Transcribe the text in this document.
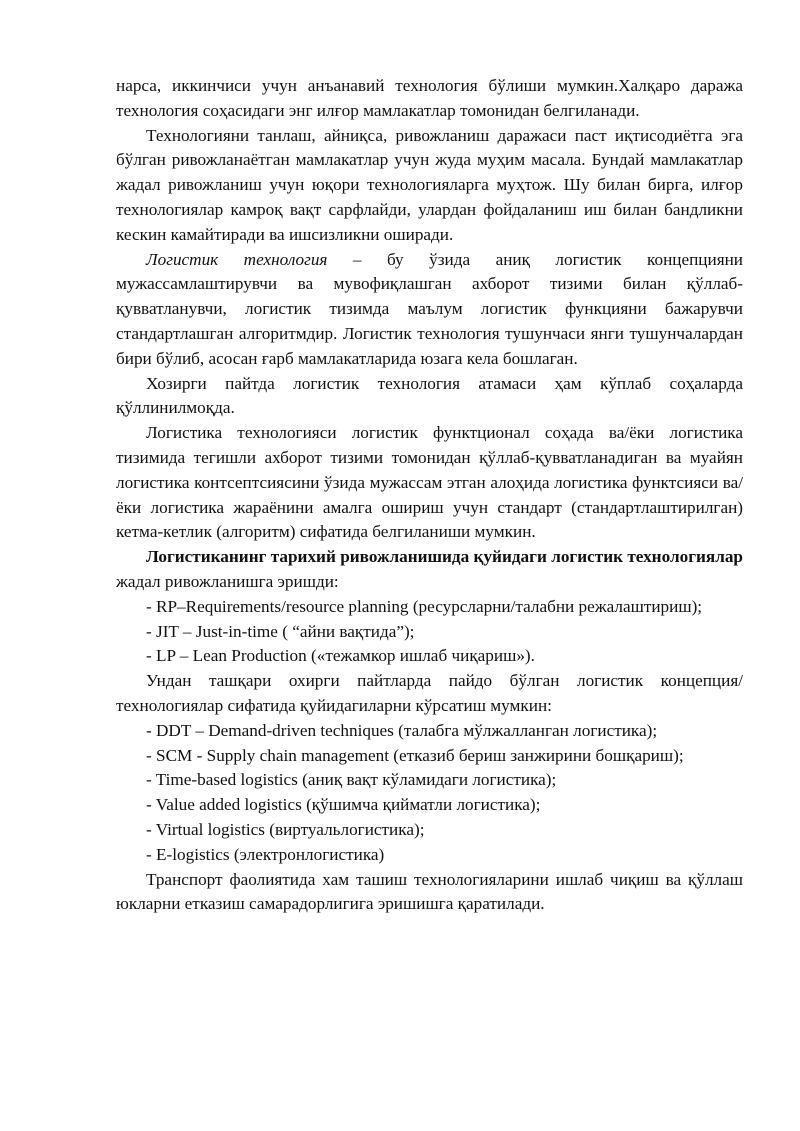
нарса, иккинчиси учун анъанавий технология бўлиши мумкин.Халқаро даража технология соҳасидаги энг илғор мамлакатлар томонидан белгиланади.

Технологияни танлаш, айниқса, ривожланиш даражаси паст иқтисодиётга эга бўлган ривожланаётган мамлакатлар учун жуда муҳим масала. Бундай мамлакатлар жадал ривожланиш учун юқори технологияларга муҳтож. Шу билан бирга, илғор технологиялар камроқ вақт сарфлайди, улардан фойдаланиш иш билан бандликни кескин камайтиради ва ишсизликни оширади.

Логистик технология – бу ўзида аниқ логистик концепцияни мужассамлаштирувчи ва мувофиқлашган ахборот тизими билан қўллаб-қувватланувчи, логистик тизимда маълум логистик функцияни бажарувчи стандартлашган алгоритмдир. Логистик технология тушунчаси янги тушунчалардан бири бўлиб, асосан ғарб мамлакатларида юзага кела бошлаган.

Хозирги пайтда логистик технология атамаси ҳам кўплаб соҳаларда қўллинилмоқда.

Логистика технологияси логистик функтционал соҳада ва/ёки логистика тизимида тегишли ахборот тизими томонидан қўллаб-қувватланадиган ва муайян логистика контсептсиясини ўзида мужассам этган алоҳида логистика функтсияси ва/ёки логистика жараёнини амалга ошириш учун стандарт (стандартлаштирилган) кетма-кетлик (алгоритм) сифатида белгиланиши мумкин.

Логистиканинг тарихий ривожланишида қуйидаги логистик технологиялар жадал ривожланишга эришди:

- RP–Requirements/resource planning (ресурсларни/талабни режалаштириш);

- JIT – Just-in-time ( “айни вақтида”);

- LP – Lean Production («тежамкор ишлаб чиқариш»).

Ундан ташқари охирги пайтларда пайдо бўлган логистик концепция/технологиялар сифатида қуйидагиларни кўрсатиш мумкин:

- DDT – Demand-driven techniques (талабга мўлжалланган логистика);

- SCM - Supply chain management (етказиб бериш занжирини бошқариш);

- Time-based logistics (аниқ вақт кўламидаги логистика);

- Value added logistics (қўшимча қийматли логистика);

- Virtual logistics (виртуальлогистика);

- E-logistics (электронлогистика)

Транспорт фаолиятида хам ташиш технологияларини ишлаб чиқиш ва қўллаш юкларни етказиш самарадорлигига эришишга қаратилади.
